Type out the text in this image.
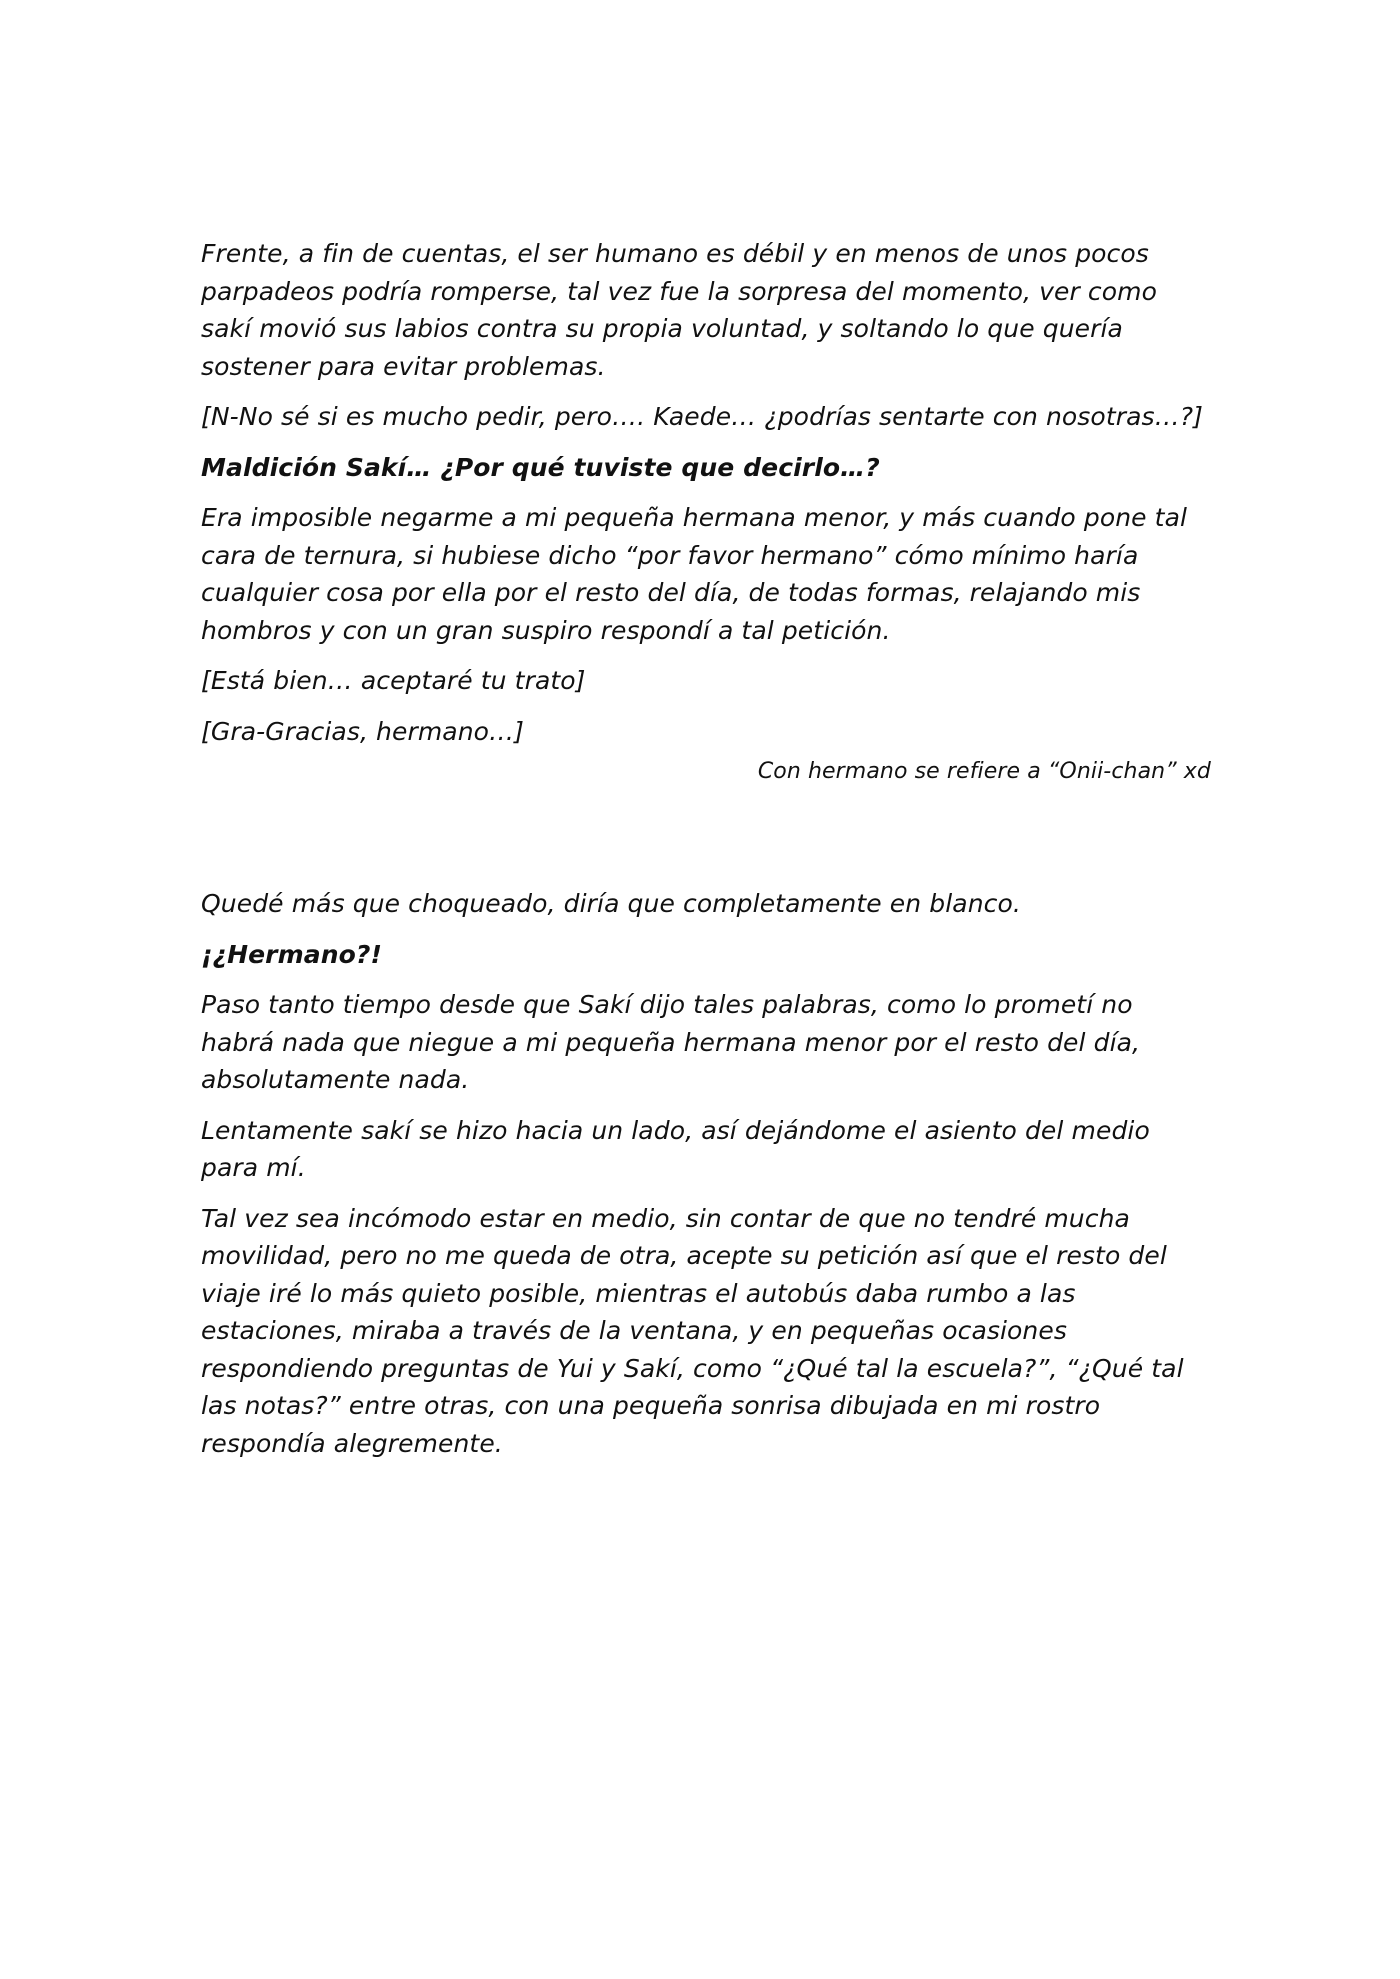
Frente, a fin de cuentas, el ser humano es débil y en menos de unos pocos parpadeos podría romperse, tal vez fue la sorpresa del momento, ver como sakí movió sus labios contra su propia voluntad, y soltando lo que quería sostener para evitar problemas.

[N-No sé si es mucho pedir, pero…. Kaede… ¿podrías sentarte con nosotras…?]

Maldición Sakí… ¿Por qué tuviste que decirlo…?

Era imposible negarme a mi pequeña hermana menor, y más cuando pone tal cara de ternura, si hubiese dicho “por favor hermano” cómo mínimo haría cualquier cosa por ella por el resto del día, de todas formas, relajando mis hombros y con un gran suspiro respondí a tal petición.

[Está bien… aceptaré tu trato]

[Gra-Gracias, hermano…]

Con hermano se refiere a “Onii-chan” xd

Quedé más que choqueado, diría que completamente en blanco.

¡¿Hermano?!

Paso tanto tiempo desde que Sakí dijo tales palabras, como lo prometí no habrá nada que niegue a mi pequeña hermana menor por el resto del día, absolutamente nada.

Lentamente sakí se hizo hacia un lado, así dejándome el asiento del medio para mí.

Tal vez sea incómodo estar en medio, sin contar de que no tendré mucha movilidad, pero no me queda de otra, acepte su petición así que el resto del viaje iré lo más quieto posible, mientras el autobús daba rumbo a las estaciones, miraba a través de la ventana, y en pequeñas ocasiones respondiendo preguntas de Yui y Sakí, como “¿Qué tal la escuela?”, “¿Qué tal las notas?” entre otras, con una pequeña sonrisa dibujada en mi rostro respondía alegremente.
